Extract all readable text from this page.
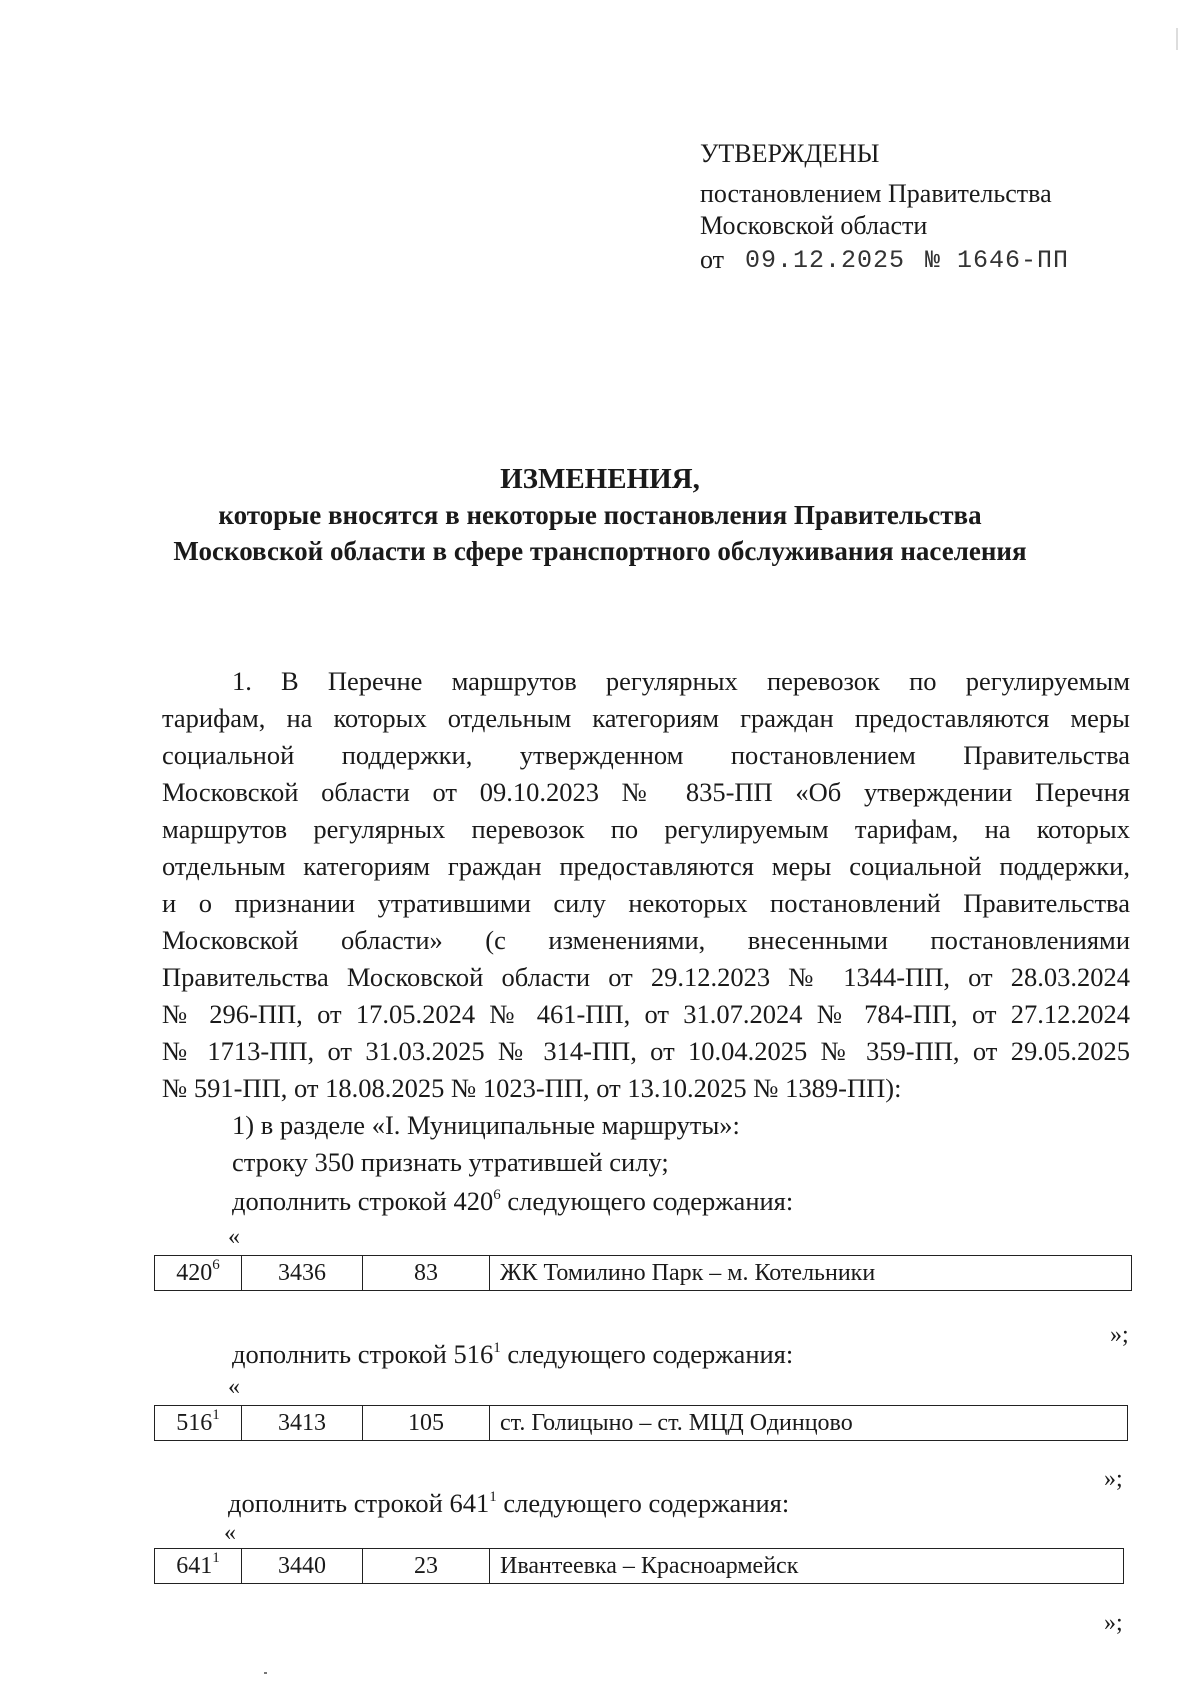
УТВЕРЖДЕНЫ
постановлением Правительства
Московской области
от 09.12.2025 № 1646-ПП
ИЗМЕНЕНИЯ,
которые вносятся в некоторые постановления Правительства
Московской области в сфере транспортного обслуживания населения
1. В Перечне маршрутов регулярных перевозок по регулируемым
тарифам, на которых отдельным категориям граждан предоставляются меры
социальной поддержки, утвержденном постановлением Правительства
Московской области от 09.10.2023 № 835-ПП «Об утверждении Перечня
маршрутов регулярных перевозок по регулируемым тарифам, на которых
отдельным категориям граждан предоставляются меры социальной поддержки,
и о признании утратившими силу некоторых постановлений Правительства
Московской области» (с изменениями, внесенными постановлениями
Правительства Московской области от 29.12.2023 № 1344-ПП, от 28.03.2024
№ 296-ПП, от 17.05.2024 № 461-ПП, от 31.07.2024 № 784-ПП, от 27.12.2024
№ 1713-ПП, от 31.03.2025 № 314-ПП, от 10.04.2025 № 359-ПП, от 29.05.2025
№ 591-ПП, от 18.08.2025 № 1023-ПП, от 13.10.2025 № 1389-ПП):
1) в разделе «I. Муниципальные маршруты»:
строку 350 признать утратившей силу;
дополнить строкой $420^6$ следующего содержания:
«
$420^6$	3436	83	ЖК Томилино Парк – м. Котельники
»;
дополнить строкой $516^1$ следующего содержания:
«
$516^1$	3413	105	ст. Голицыно – ст. МЦД Одинцово
»;
дополнить строкой $641^1$ следующего содержания:
«
$641^1$	3440	23	Ивантеевка – Красноармейск
»;
